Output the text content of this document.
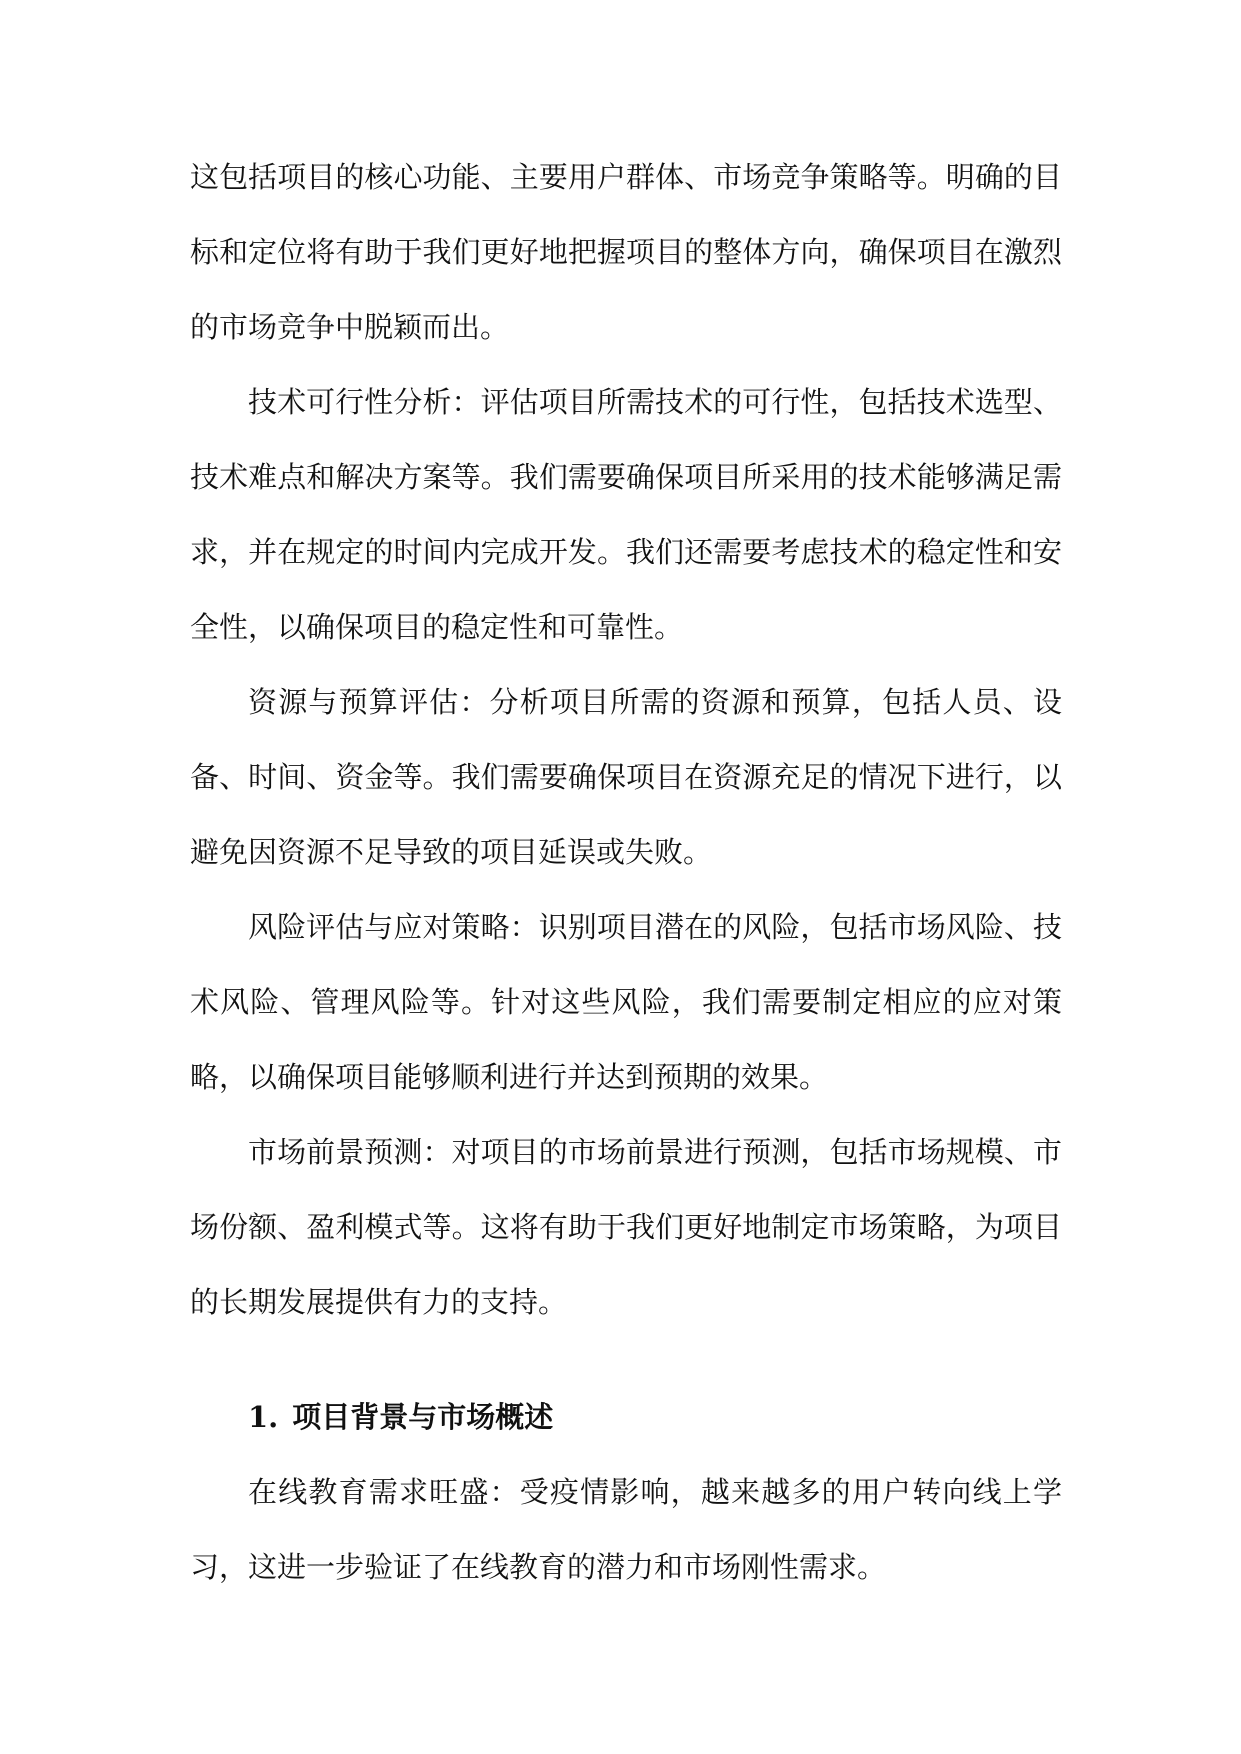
这包括项目的核心功能、主要用户群体、市场竞争策略等。明确的目标和定位将有助于我们更好地把握项目的整体方向，确保项目在激烈的市场竞争中脱颖而出。

技术可行性分析：评估项目所需技术的可行性，包括技术选型、技术难点和解决方案等。我们需要确保项目所采用的技术能够满足需求，并在规定的时间内完成开发。我们还需要考虑技术的稳定性和安全性，以确保项目的稳定性和可靠性。

资源与预算评估：分析项目所需的资源和预算，包括人员、设备、时间、资金等。我们需要确保项目在资源充足的情况下进行，以避免因资源不足导致的项目延误或失败。

风险评估与应对策略：识别项目潜在的风险，包括市场风险、技术风险、管理风险等。针对这些风险，我们需要制定相应的应对策略，以确保项目能够顺利进行并达到预期的效果。

市场前景预测：对项目的市场前景进行预测，包括市场规模、市场份额、盈利模式等。这将有助于我们更好地制定市场策略，为项目的长期发展提供有力的支持。

1. 项目背景与市场概述

在线教育需求旺盛：受疫情影响，越来越多的用户转向线上学习，这进一步验证了在线教育的潜力和市场刚性需求。
